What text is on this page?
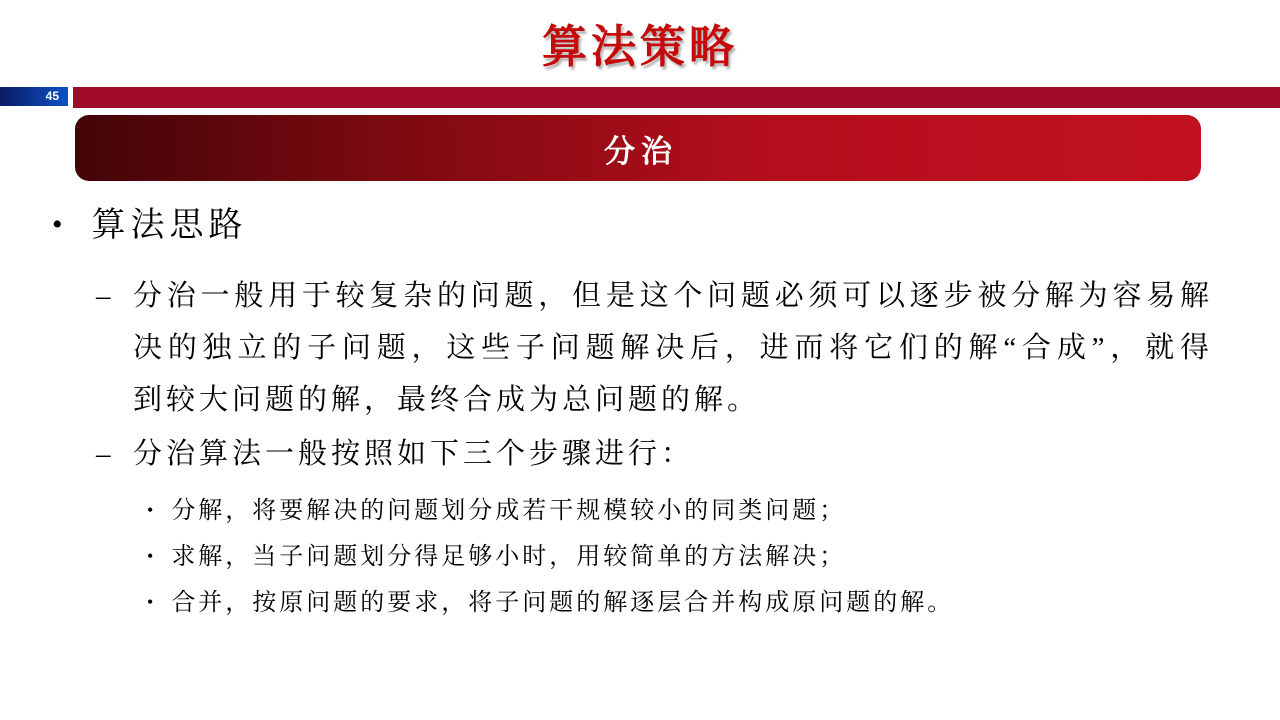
算法策略
45
分治
• 算法思路
– 分治一般用于较复杂的问题，但是这个问题必须可以逐步被分解为容易解
决的独立的子问题，这些子问题解决后，进而将它们的解“合成”，就得
到较大问题的解，最终合成为总问题的解。
– 分治算法一般按照如下三个步骤进行：
• 分解，将要解决的问题划分成若干规模较小的同类问题；
• 求解，当子问题划分得足够小时，用较简单的方法解决；
• 合并，按原问题的要求，将子问题的解逐层合并构成原问题的解。
